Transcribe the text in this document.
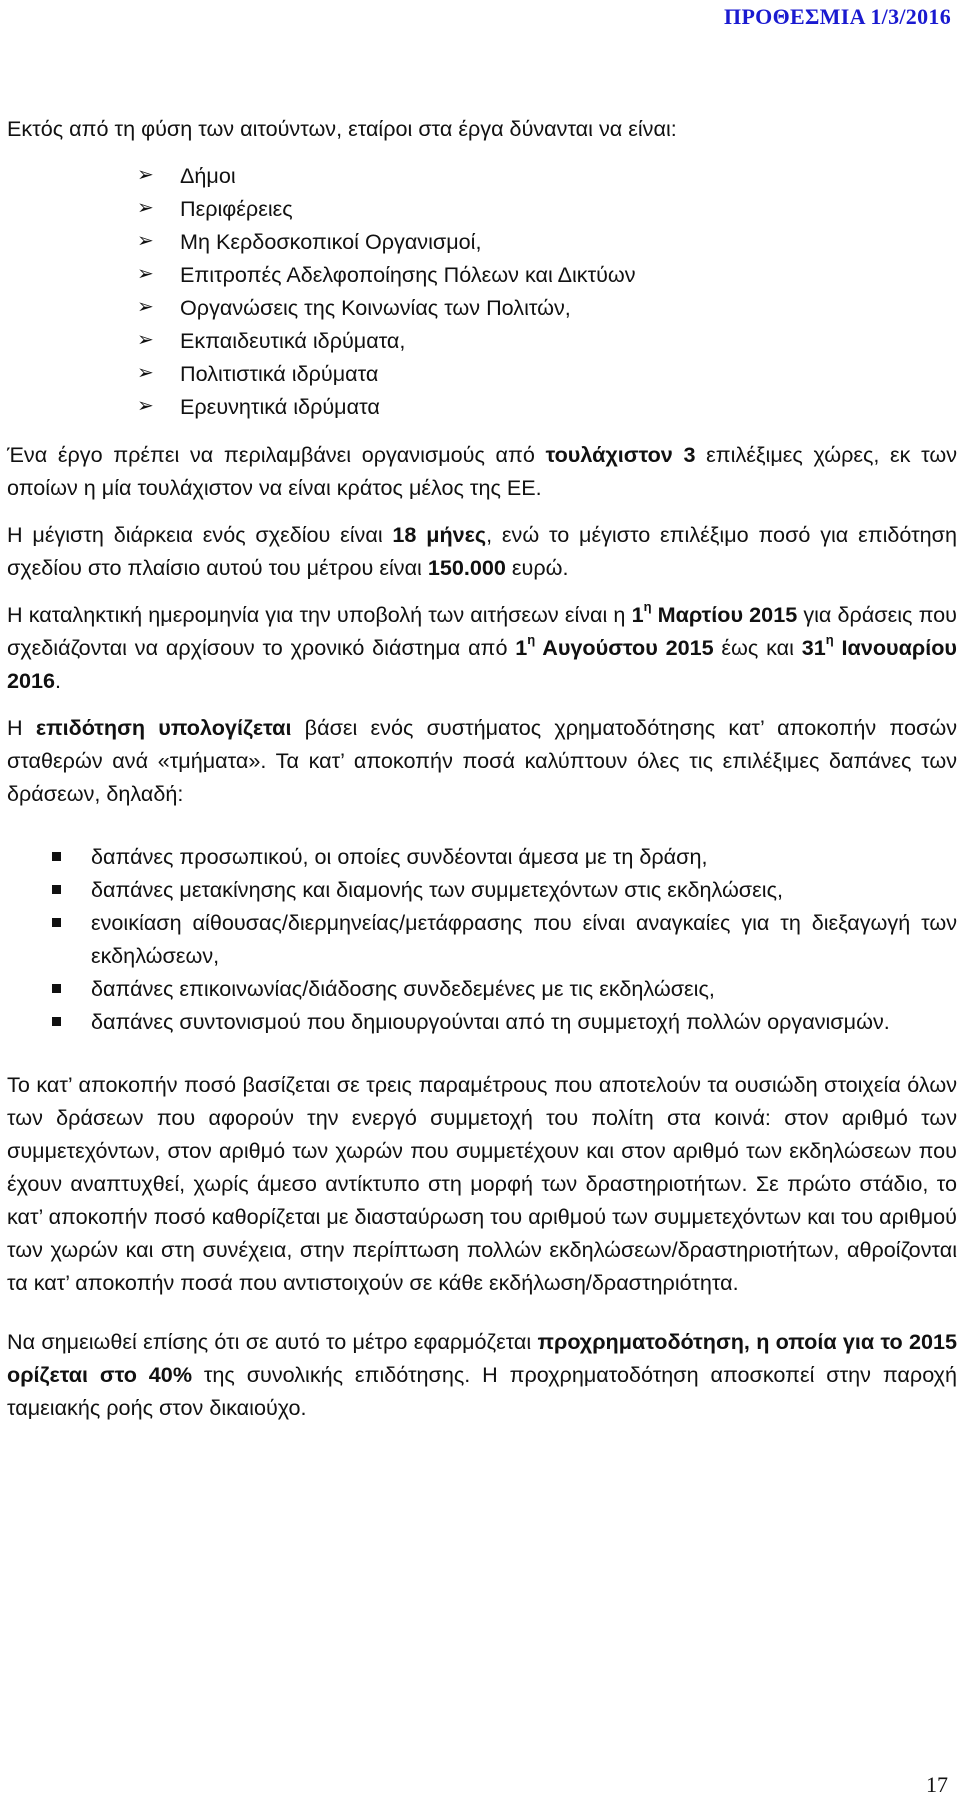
ΠΡΟΘΕΣΜΙΑ 1/3/2016

Εκτός από τη φύση των αιτούντων, εταίροι στα έργα δύνανται να είναι:

➢ Δήμοι
➢ Περιφέρειες
➢ Μη Κερδοσκοπικοί Οργανισμοί,
➢ Επιτροπές Αδελφοποίησης Πόλεων και Δικτύων
➢ Οργανώσεις της Κοινωνίας των Πολιτών,
➢ Εκπαιδευτικά ιδρύματα,
➢ Πολιτιστικά ιδρύματα
➢ Ερευνητικά ιδρύματα

Ένα έργο πρέπει να περιλαμβάνει οργανισμούς από τουλάχιστον 3 επιλέξιμες χώρες, εκ των οποίων η μία τουλάχιστον να είναι κράτος μέλος της ΕΕ.

Η μέγιστη διάρκεια ενός σχεδίου είναι 18 μήνες, ενώ το μέγιστο επιλέξιμο ποσό για επιδότηση σχεδίου στο πλαίσιο αυτού του μέτρου είναι 150.000 ευρώ.

Η καταληκτική ημερομηνία για την υποβολή των αιτήσεων είναι η $1^\eta$ Μαρτίου 2015 για δράσεις που σχεδιάζονται να αρχίσουν το χρονικό διάστημα από $1^\eta$ Αυγούστου 2015 έως και $31^\eta$ Ιανουαρίου 2016.

Η επιδότηση υπολογίζεται βάσει ενός συστήματος χρηματοδότησης κατ’ αποκοπήν ποσών σταθερών ανά «τμήματα». Τα κατ’ αποκοπήν ποσά καλύπτουν όλες τις επιλέξιμες δαπάνες των δράσεων, δηλαδή:

δαπάνες προσωπικού, οι οποίες συνδέονται άμεσα με τη δράση,
δαπάνες μετακίνησης και διαμονής των συμμετεχόντων στις εκδηλώσεις,
ενοικίαση αίθουσας/διερμηνείας/μετάφρασης που είναι αναγκαίες για τη διεξαγωγή των εκδηλώσεων,
δαπάνες επικοινωνίας/διάδοσης συνδεδεμένες με τις εκδηλώσεις,
δαπάνες συντονισμού που δημιουργούνται από τη συμμετοχή πολλών οργανισμών.

Το κατ’ αποκοπήν ποσό βασίζεται σε τρεις παραμέτρους που αποτελούν τα ουσιώδη στοιχεία όλων των δράσεων που αφορούν την ενεργό συμμετοχή του πολίτη στα κοινά: στον αριθμό των συμμετεχόντων, στον αριθμό των χωρών που συμμετέχουν και στον αριθμό των εκδηλώσεων που έχουν αναπτυχθεί, χωρίς άμεσο αντίκτυπο στη μορφή των δραστηριοτήτων. Σε πρώτο στάδιο, το κατ’ αποκοπήν ποσό καθορίζεται με διασταύρωση του αριθμού των συμμετεχόντων και του αριθμού των χωρών και στη συνέχεια, στην περίπτωση πολλών εκδηλώσεων/δραστηριοτήτων, αθροίζονται τα κατ’ αποκοπήν ποσά που αντιστοιχούν σε κάθε εκδήλωση/δραστηριότητα.

Να σημειωθεί επίσης ότι σε αυτό το μέτρο εφαρμόζεται προχρηματοδότηση, η οποία για το 2015 ορίζεται στο 40% της συνολικής επιδότησης. Η προχρηματοδότηση αποσκοπεί στην παροχή ταμειακής ροής στον δικαιούχο.

17
